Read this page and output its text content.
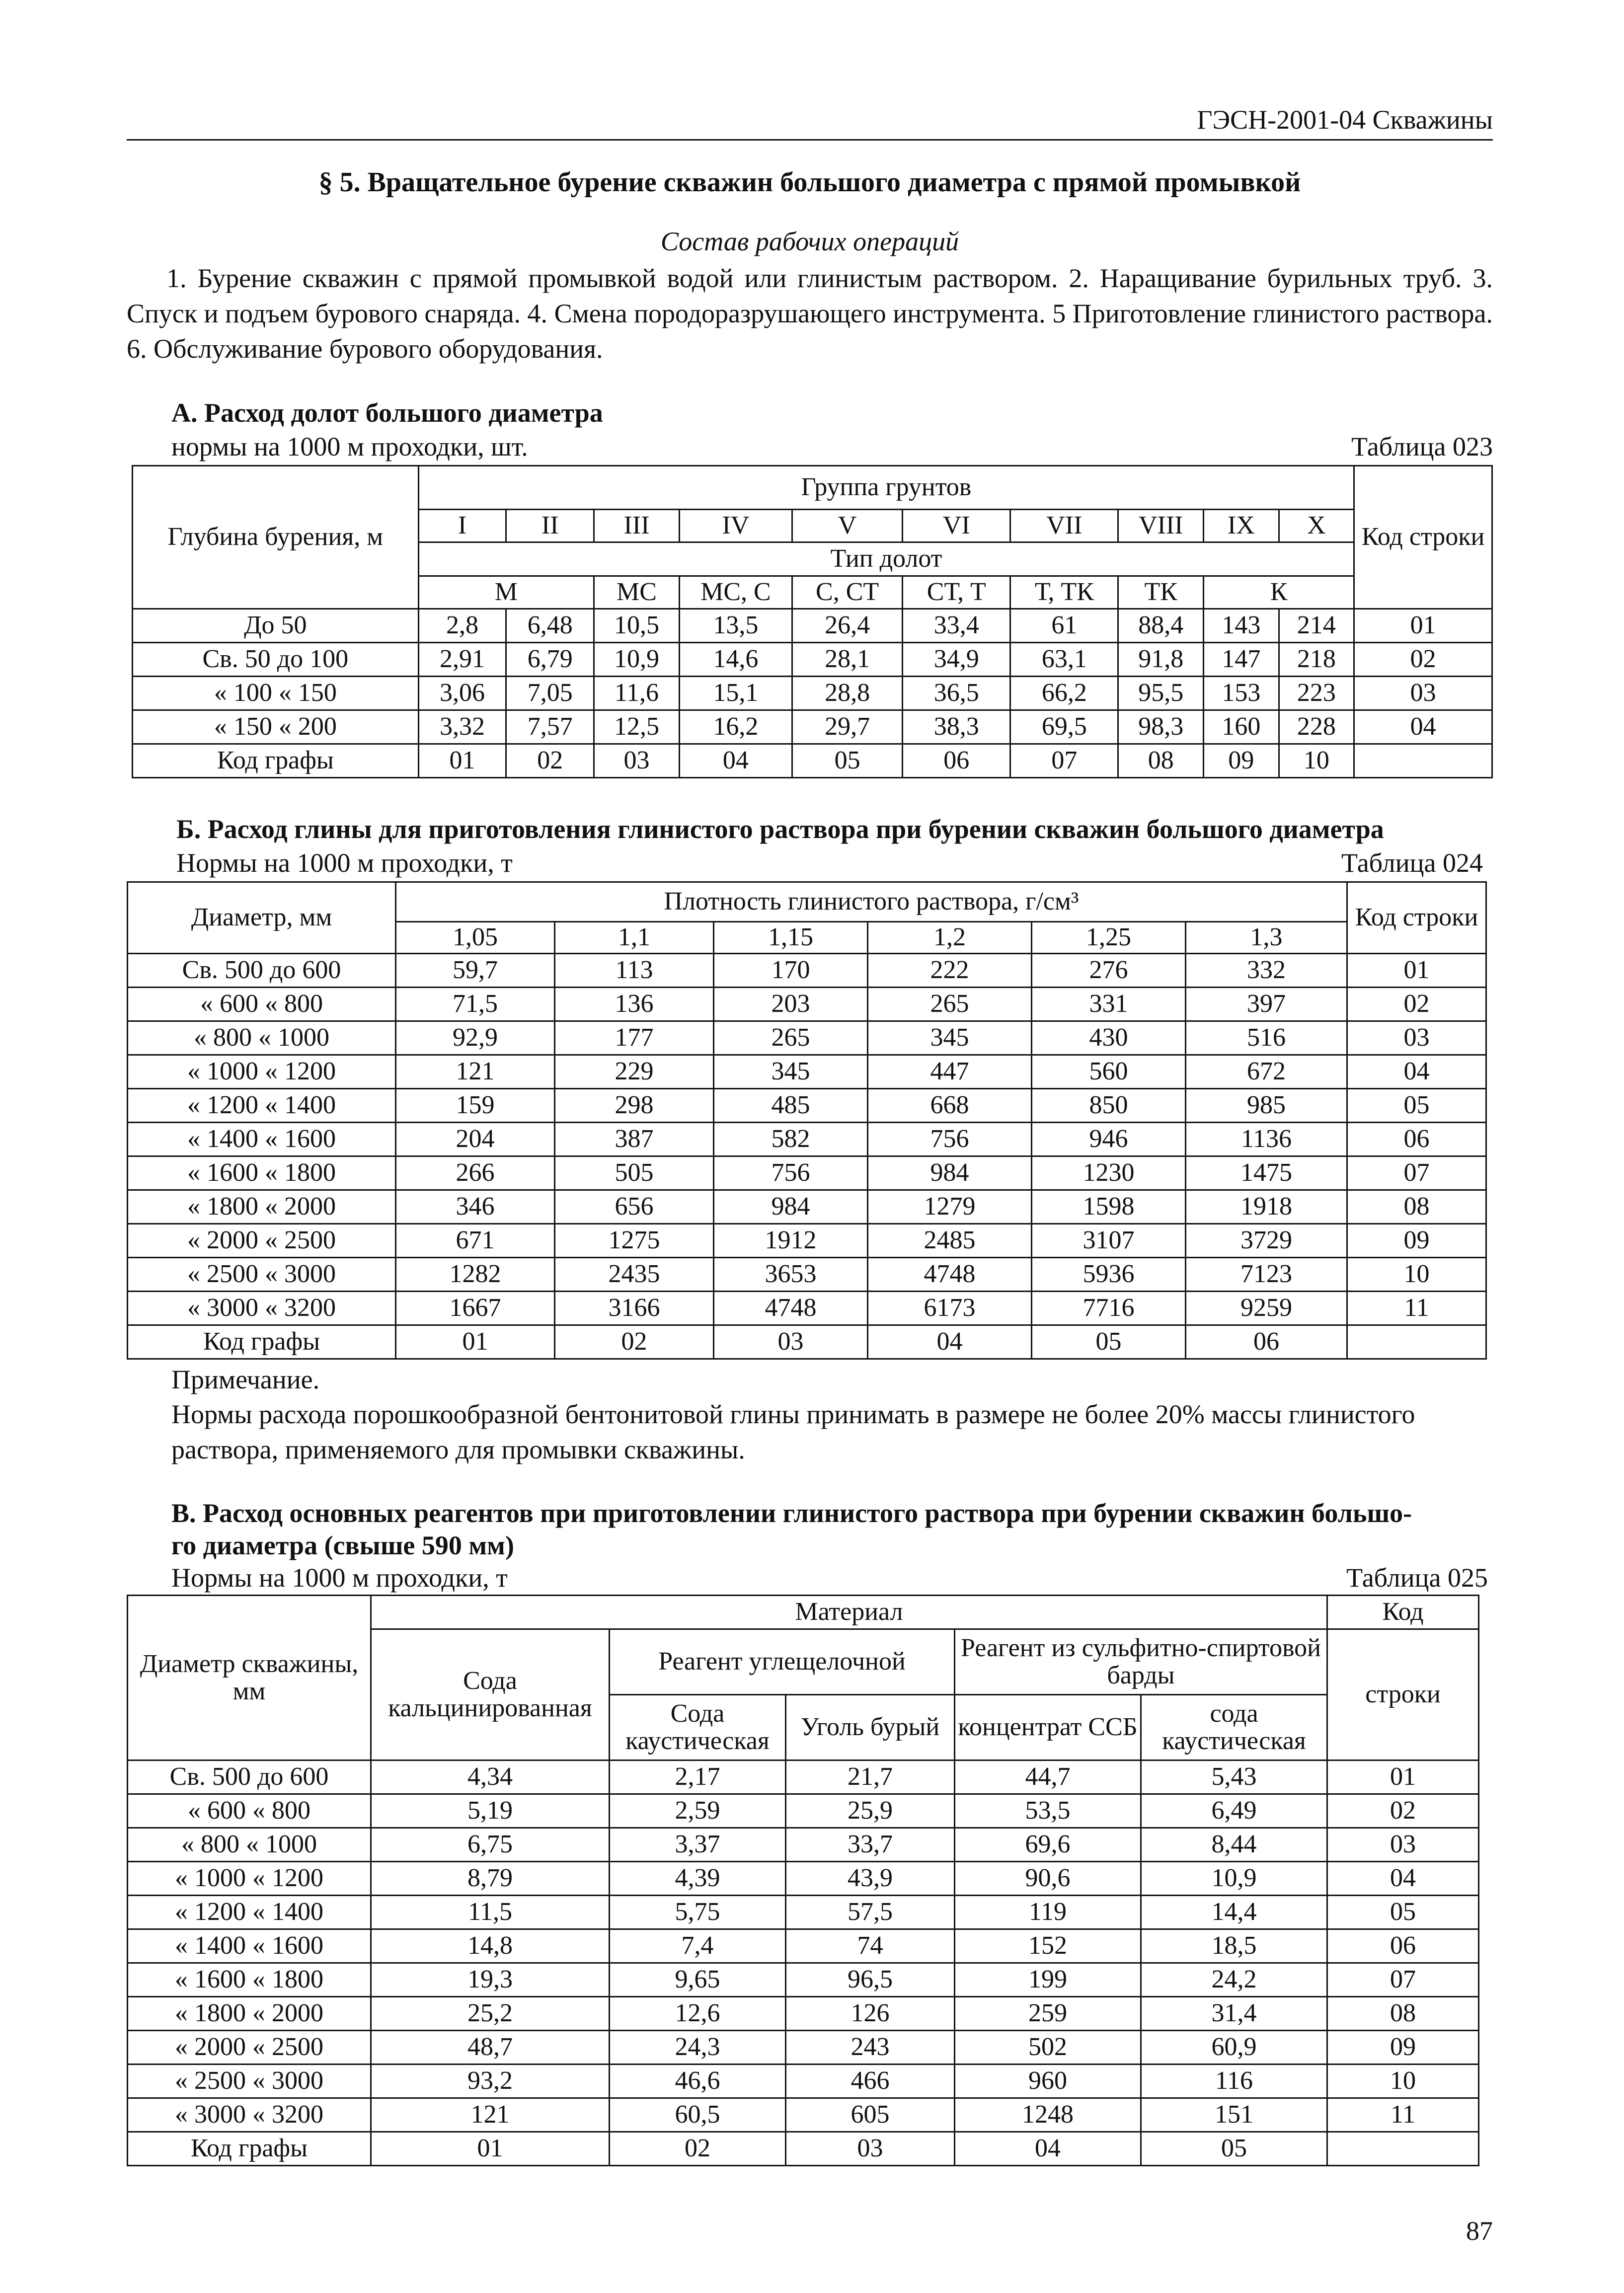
ГЭСН-2001-04 Скважины
§ 5. Вращательное бурение скважин большого диаметра с прямой промывкой
Состав рабочих операций
1. Бурение скважин с прямой промывкой водой или глинистым раствором. 2. Наращивание бурильных труб. 3. Спуск и подъем бурового снаряда. 4. Смена породоразрушающего инструмента. 5 Приготовление глинистого раствора. 6. Обслуживание бурового оборудования.
А. Расход долот большого диаметра
нормы на 1000 м проходки, шт.	Таблица 023
Глубина бурения, м	Группа грунтов										Код строки
	I	II	III	IV	V	VI	VII	VIII	IX	X	
	Тип долот										
	М		МС	МС, С	С, СТ	СТ, Т	Т, ТК	ТК	К		
До 50	2,8	6,48	10,5	13,5	26,4	33,4	61	88,4	143	214	01
Св. 50 до 100	2,91	6,79	10,9	14,6	28,1	34,9	63,1	91,8	147	218	02
« 100 « 150	3,06	7,05	11,6	15,1	28,8	36,5	66,2	95,5	153	223	03
« 150 « 200	3,32	7,57	12,5	16,2	29,7	38,3	69,5	98,3	160	228	04
Код графы	01	02	03	04	05	06	07	08	09	10	
Б. Расход глины для приготовления глинистого раствора при бурении скважин большого диаметра
Нормы на 1000 м проходки, т	Таблица 024
Диаметр, мм	Плотность глинистого раствора, г/см³						Код строки
	1,05	1,1	1,15	1,2	1,25	1,3	
Св. 500 до 600	59,7	113	170	222	276	332	01
« 600 « 800	71,5	136	203	265	331	397	02
« 800 « 1000	92,9	177	265	345	430	516	03
« 1000 « 1200	121	229	345	447	560	672	04
« 1200 « 1400	159	298	485	668	850	985	05
« 1400 « 1600	204	387	582	756	946	1136	06
« 1600 « 1800	266	505	756	984	1230	1475	07
« 1800 « 2000	346	656	984	1279	1598	1918	08
« 2000 « 2500	671	1275	1912	2485	3107	3729	09
« 2500 « 3000	1282	2435	3653	4748	5936	7123	10
« 3000 « 3200	1667	3166	4748	6173	7716	9259	11
Код графы	01	02	03	04	05	06	
Примечание.
Нормы расхода порошкообразной бентонитовой глины принимать в размере не более 20% массы глинистого раствора, применяемого для промывки скважины.
В. Расход основных реагентов при приготовлении глинистого раствора при бурении скважин большо-
го диаметра (свыше 590 мм)
Нормы на 1000 м проходки, т	Таблица 025
Диаметр скважины, мм	Материал					Код
	Сода кальцинированная	Реагент углещелочной		Реагент из сульфитно-спиртовой барды		строки
		Сода каустическая	Уголь бурый	концентрат ССБ	сода каустическая	
Св. 500 до 600	4,34	2,17	21,7	44,7	5,43	01
« 600 « 800	5,19	2,59	25,9	53,5	6,49	02
« 800 « 1000	6,75	3,37	33,7	69,6	8,44	03
« 1000 « 1200	8,79	4,39	43,9	90,6	10,9	04
« 1200 « 1400	11,5	5,75	57,5	119	14,4	05
« 1400 « 1600	14,8	7,4	74	152	18,5	06
« 1600 « 1800	19,3	9,65	96,5	199	24,2	07
« 1800 « 2000	25,2	12,6	126	259	31,4	08
« 2000 « 2500	48,7	24,3	243	502	60,9	09
« 2500 « 3000	93,2	46,6	466	960	116	10
« 3000 « 3200	121	60,5	605	1248	151	11
Код графы	01	02	03	04	05	
87
